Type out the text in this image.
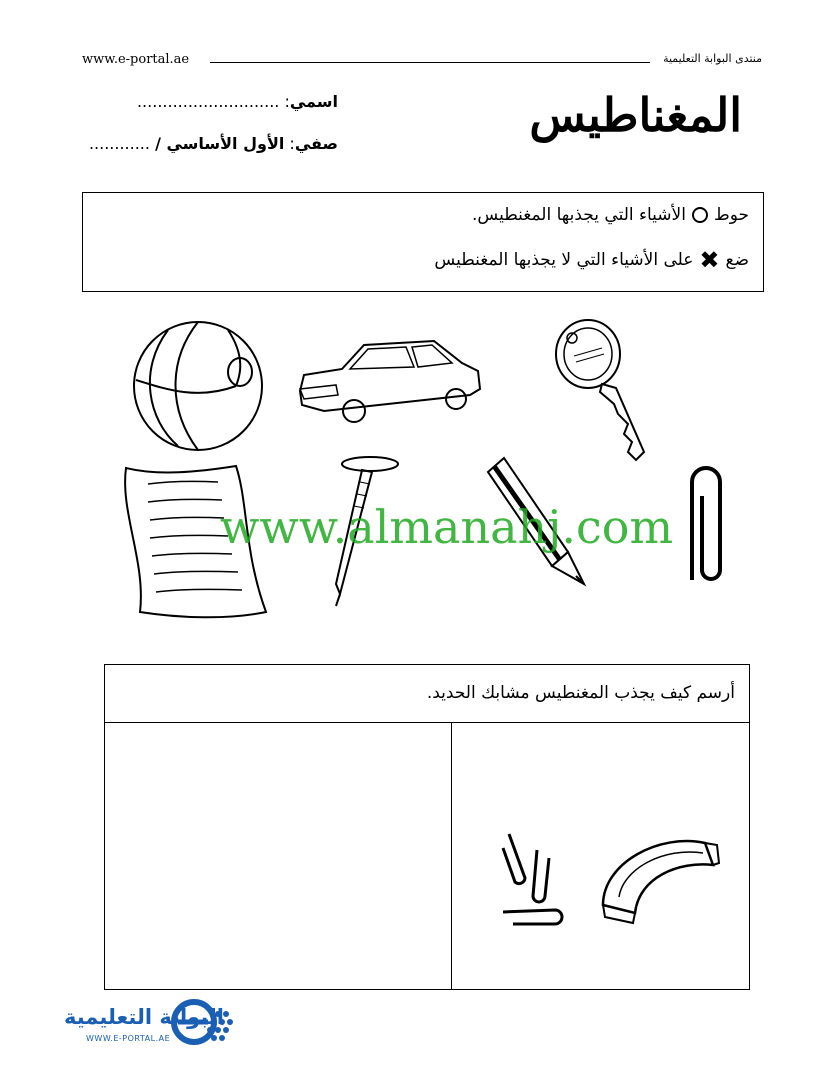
www.e-portal.ae	منتدى البوابة التعليمية
المغناطيس
اسمي: ............................
صفي: الأول الأساسي / ............
حوط
الأشياء التي يجذبها المغنطيس.
ضع
✖
على الأشياء التي لا يجذبها المغنطيس
www.almanahj.com
أرسم كيف يجذب المغنطيس مشابك الحديد.
البوابة التعليمية
WWW.E-PORTAL.AE
